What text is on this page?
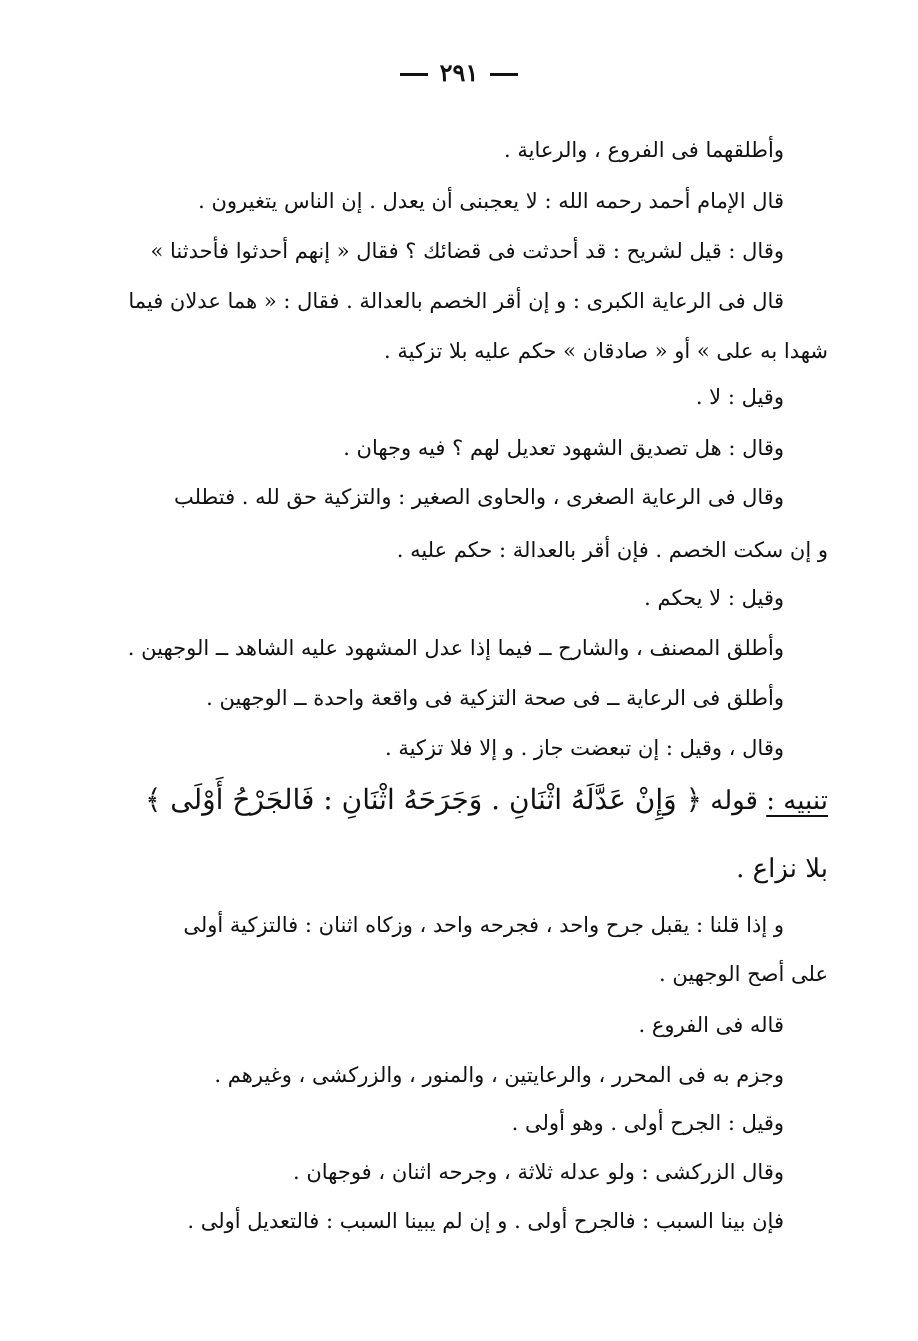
٢٩١
وأطلقهما فى الفروع ، والرعاية .
قال الإمام أحمد رحمه الله : لا يعجبنى أن يعدل . إن الناس يتغيرون .
وقال : قيل لشريح : قد أحدثت فى قضائك ؟ فقال « إنهم أحدثوا فأحدثنا »
قال فى الرعاية الكبرى : و إن أقر الخصم بالعدالة . فقال : « هما عدلان فيما
شهدا به على » أو « صادقان » حكم عليه بلا تزكية .
وقيل : لا .
وقال : هل تصديق الشهود تعديل لهم ؟ فيه وجهان .
وقال فى الرعاية الصغرى ، والحاوى الصغير : والتزكية حق لله . فتطلب
و إن سكت الخصم . فإن أقر بالعدالة : حكم عليه .
وقيل : لا يحكم .
وأطلق المصنف ، والشارح ــ فيما إذا عدل المشهود عليه الشاهد ــ الوجهين .
وأطلق فى الرعاية ــ فى صحة التزكية فى واقعة واحدة ــ الوجهين .
وقال ، وقيل : إن تبعضت جاز . و إلا فلا تزكية .
تنبيه : قوله ﴿ وَإِنْ عَدَّلَهُ اثْنَانِ . وَجَرَحَهُ اثْنَانِ : فَالجَرْحُ أَوْلَى ﴾
بلا نزاع .
و إذا قلنا : يقبل جرح واحد ، فجرحه واحد ، وزكاه اثنان : فالتزكية أولى
على أصح الوجهين .
قاله فى الفروع .
وجزم به فى المحرر ، والرعايتين ، والمنور ، والزركشى ، وغيرهم .
وقيل : الجرح أولى . وهو أولى .
وقال الزركشى : ولو عدله ثلاثة ، وجرحه اثنان ، فوجهان .
فإن بينا السبب : فالجرح أولى . و إن لم يبينا السبب : فالتعديل أولى .
